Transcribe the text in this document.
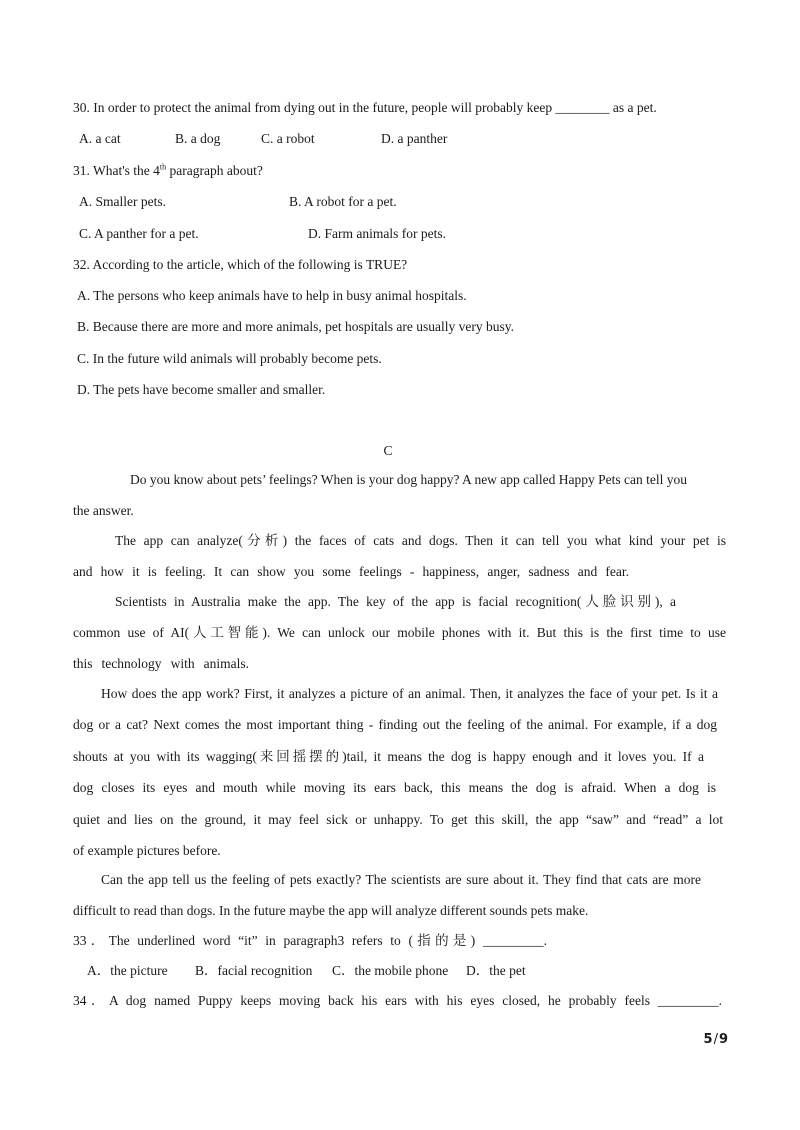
30. In order to protect the animal from dying out in the future, people will probably keep ________ as a pet.
A. a cat	B. a dog	C. a robot	D. a panther
31. What's the 4th paragraph about?
A. Smaller pets.	B. A robot for a pet.
C. A panther for a pet.	D. Farm animals for pets.
32. According to the article, which of the following is TRUE?
A. The persons who keep animals have to help in busy animal hospitals.
B. Because there are more and more animals, pet hospitals are usually very busy.
C. In the future wild animals will probably become pets.
D. The pets have become smaller and smaller.
C
Do you know about pets’ feelings? When is your dog happy? A new app called Happy Pets can tell you
the answer.
The app can analyze(分析) the faces of cats and dogs. Then it can tell you what kind your pet is
and how it is feeling. It can show you some feelings - happiness, anger, sadness and fear.
Scientists in Australia make the app. The key of the app is facial recognition(人脸识别), a
common use of AI(人工智能). We can unlock our mobile phones with it. But this is the first time to use
this technology with animals.
How does the app work? First, it analyzes a picture of an animal. Then, it analyzes the face of your pet. Is it a
dog or a cat? Next comes the most important thing - finding out the feeling of the animal. For example, if a dog
shouts at you with its wagging(来回摇摆的)tail, it means the dog is happy enough and it loves you. If a
dog closes its eyes and mouth while moving its ears back, this means the dog is afraid. When a dog is
quiet and lies on the ground, it may feel sick or unhappy. To get this skill, the app “saw” and “read” a lot
of example pictures before.
Can the app tell us the feeling of pets exactly? The scientists are sure about it. They find that cats are more
difficult to read than dogs. In the future maybe the app will analyze different sounds pets make.
33．The underlined word “it” in paragraph3 refers to (指的是) _________.
A．the picture B．facial recognition C．the mobile phone D．the pet
34．A dog named Puppy keeps moving back his ears with his eyes closed, he probably feels _________.
5/9
